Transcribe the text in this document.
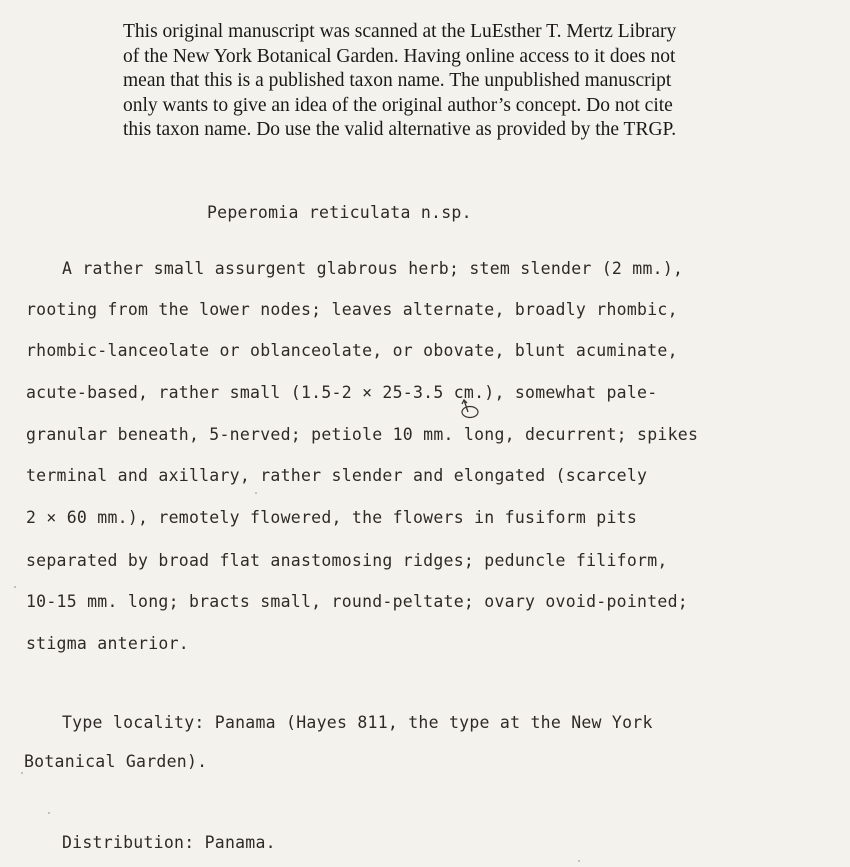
This original manuscript was scanned at the LuEsther T. Mertz Library
of the New York Botanical Garden. Having online access to it does not
mean that this is a published taxon name. The unpublished manuscript
only wants to give an idea of the original author’s concept. Do not cite
this taxon name. Do use the valid alternative as provided by the TRGP.
Peperomia reticulata n.sp.
A rather small assurgent glabrous herb; stem slender (2 mm.),
rooting from the lower nodes; leaves alternate, broadly rhombic,
rhombic-lanceolate or oblanceolate, or obovate, blunt acuminate,
acute-based, rather small (1.5-2 × 25-3.5 cm.), somewhat pale-
granular beneath, 5-nerved; petiole 10 mm. long, decurrent; spikes
terminal and axillary, rather slender and elongated (scarcely
2 × 60 mm.), remotely flowered, the flowers in fusiform pits
separated by broad flat anastomosing ridges; peduncle filiform,
10-15 mm. long; bracts small, round-peltate; ovary ovoid-pointed;
stigma anterior.
Type locality: Panama (Hayes 811, the type at the New York
Botanical Garden).
Distribution: Panama.
